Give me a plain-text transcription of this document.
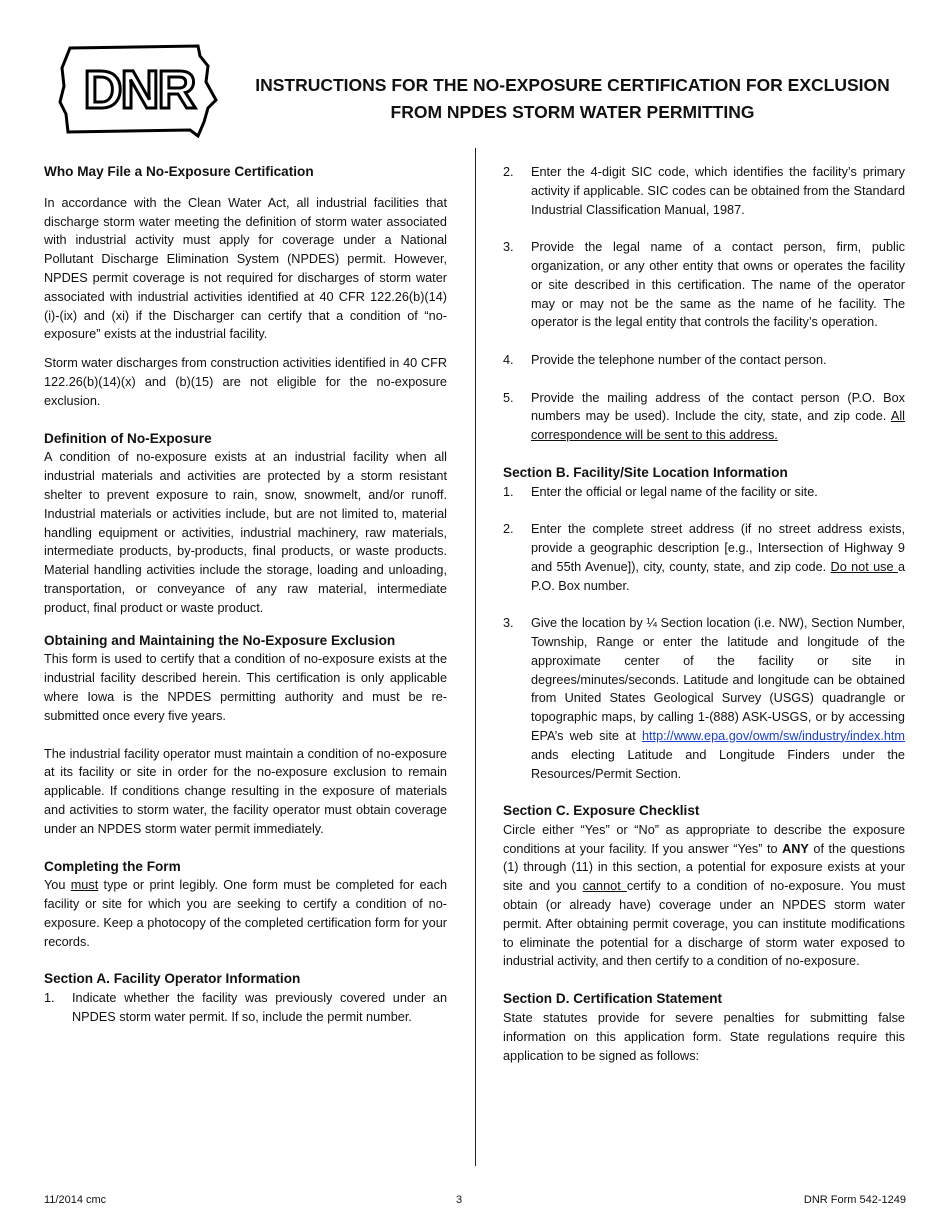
DNR	INSTRUCTIONS FOR THE NO-EXPOSURE CERTIFICATION FOR EXCLUSION
FROM NPDES STORM WATER PERMITTING
Who May File a No-Exposure Certification

In accordance with the Clean Water Act, all industrial facilities that discharge storm water meeting the definition of storm water associated with industrial activity must apply for coverage under a National Pollutant Discharge Elimination System (NPDES) permit. However, NPDES permit coverage is not required for discharges of storm water associated with industrial activities identified at 40 CFR 122.26(b)(14)(i)-(ix) and (xi) if the Discharger can certify that a condition of “no-exposure” exists at the industrial facility.

Storm water discharges from construction activities identified in 40 CFR 122.26(b)(14)(x) and (b)(15) are not eligible for the no-exposure exclusion.

Definition of No-Exposure

A condition of no-exposure exists at an industrial facility when all industrial materials and activities are protected by a storm resistant shelter to prevent exposure to rain, snow, snowmelt, and/or runoff. Industrial materials or activities include, but are not limited to, material handling equipment or activities, industrial machinery, raw materials, intermediate products, by-products, final products, or waste products. Material handling activities include the storage, loading and unloading, transportation, or conveyance of any raw material, intermediate product, final product or waste product.

Obtaining and Maintaining the No-Exposure Exclusion

This form is used to certify that a condition of no-exposure exists at the industrial facility described herein. This certification is only applicable where Iowa is the NPDES permitting authority and must be re-submitted once every five years.

The industrial facility operator must maintain a condition of no-exposure at its facility or site in order for the no-exposure exclusion to remain applicable. If conditions change resulting in the exposure of materials and activities to storm water, the facility operator must obtain coverage under an NPDES storm water permit immediately.

Completing the Form

You must type or print legibly. One form must be completed for each facility or site for which you are seeking to certify a condition of no-exposure. Keep a photocopy of the completed certification form for your records.

Section A. Facility Operator Information
1.	Indicate whether the facility was previously covered under an NPDES storm water permit. If so, include the permit number.
2.	Enter the 4-digit SIC code, which identifies the facility’s primary activity if applicable. SIC codes can be obtained from the Standard Industrial Classification Manual, 1987.
3.	Provide the legal name of a contact person, firm, public organization, or any other entity that owns or operates the facility or site described in this certification. The name of the operator may or may not be the same as the name of he facility. The operator is the legal entity that controls the facility’s operation.
4.	Provide the telephone number of the contact person.
5.	Provide the mailing address of the contact person (P.O. Box numbers may be used). Include the city, state, and zip code. All correspondence will be sent to this address.
Section B. Facility/Site Location Information
1.	Enter the official or legal name of the facility or site.
2.	Enter the complete street address (if no street address exists, provide a geographic description [e.g., Intersection of Highway 9 and 55th Avenue]), city, county, state, and zip code. Do not use a P.O. Box number.
3.	Give the location by ¼ Section location (i.e. NW), Section Number, Township, Range or enter the latitude and longitude of the approximate center of the facility or site in degrees/minutes/seconds. Latitude and longitude can be obtained from United States Geological Survey (USGS) quadrangle or topographic maps, by calling 1-(888) ASK-USGS, or by accessing EPA’s web site at http://www.epa.gov/owm/sw/industry/index.htm ands electing Latitude and Longitude Finders under the Resources/Permit Section.
Section C. Exposure Checklist

Circle either “Yes” or “No” as appropriate to describe the exposure conditions at your facility. If you answer “Yes” to ANY of the questions (1) through (11) in this section, a potential for exposure exists at your site and you cannot certify to a condition of no-exposure. You must obtain (or already have) coverage under an NPDES storm water permit. After obtaining permit coverage, you can institute modifications to eliminate the potential for a discharge of storm water exposed to industrial activity, and then certify to a condition of no-exposure.

Section D. Certification Statement

State statutes provide for severe penalties for submitting false information on this application form. State regulations require this application to be signed as follows:

11/2014 cmc	3	DNR Form 542-1249
